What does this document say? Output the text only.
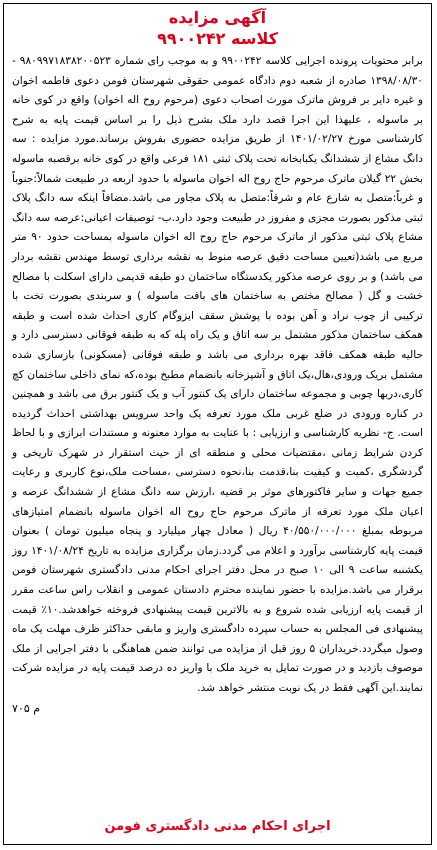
آگهی مزایده
کلاسه ۹۹۰۰۲۴۲

برابر محتویات پرونده اجرایی کلاسه ۹۹۰۰۲۴۲ و به موجب رای شماره ۹۸۰۹۹۷۱۸۳۸۲۰۰۵۲۳ - ۱۳۹۸/۰۸/۳۰ صادره از شعبه دوم دادگاه عمومی حقوقی شهرستان فومن دعوی فاطمه اخوان و غیره دایر بر فروش ماترک مورث اصحاب دعوی (مرحوم روح اله اخوان) واقع در کوی خانه بر ماسوله ، علیهذا این اجرا قصد دارد ملک بشرح ذیل را بر اساس قیمت پایه به شرح کارشناسی مورخ ۱۴۰۱/۰۲/۲۷ از طریق مزایده حضوری بفروش برساند.مورد مزایده : سه دانگ مشاع از ششدانگ یکبابخانه تحت پلاک ثبتی ۱۸۱ فرعی واقع در کوی خانه برقصبه ماسوله بخش ۲۲ گیلان ماترک مرحوم حاج روح اله اخوان ماسوله با حدود اربعه در طبیعت شمالاً:جنوباً و غرباً:متصل به شارع عام و شرقاً:متصل به پلاک مجاور می باشد.مضافاً اینکه سه دانگ پلاک ثبتی مذکور بصورت مجزی و مفروز در طبیعت وجود دارد.ب- توصیفات اعیانی:عرصه سه دانگ مشاع پلاک ثبتی مذکور از ماترک مرحوم حاج روح اله اخوان ماسوله بمساحت حدود ۹۰ متر مربع می باشد(تعیین مساحت دقیق عرصه منوط به نقشه برداری توسط مهندس نقشه بردار می باشد) و بر روی عرصه مذکور یکدستگاه ساختمان دو طبقه قدیمی دارای اسکلت با مصالح خشت و گل ( مصالح مختص به ساختمان های بافت ماسوله ) و سربندی بصورت تخت با ترکیبی از چوب نراد و آهن بوده با پوشش سقف ایزوگام کاری احداث شده است و طبقه همکف ساختمان مذکور مشتمل بر سه اتاق و یک راه پله که به طبقه فوقانی دسترسی دارد و حالیه طبقه همکف فاقد بهره برداری می باشد و طبقه فوقانی (مسکونی) بازسازی شده مشتمل بریک ورودی،هال،یک اتاق و آشپزخانه بانضمام مطبخ بوده،که نمای داخلی ساختمان کچ کاری،دربها چوبی و مجموعه ساختمان دارای یک کنتور آب و یک کنتور برق می باشد و همچنین در کناره ورودی در ضلع غربی ملک مورد تعرفه یک واحد سرویس بهداشتی احداث گردیده است. ج- نظریه کارشناسی و ارزیابی : با عنایت به موارد معنونه و مستندات ابرازی و با لحاظ کردن شرایط زمانی ،مقتضیات محلی و منطقه ای از حیث استقرار در شهرک تاریخی و گردشگری ،کمیت و کیفیت بنا،قدمت بنا،نحوه دسترسی ،مساحت ملک،نوع کاربری و رعایت جمیع جهات و سایر فاکتورهای موثر بر قضیه ،ارزش سه دانگ مشاع از ششدانگ عرصه و اعیان ملک مورد تعرفه از ماترک مرحوم حاج روح اله اخوان ماسوله بانضمام امتیازهای مربوطه بمبلغ ۴۰/۵۵۰/۰۰۰/۰۰۰ ریال ( معادل چهار میلیارد و پنجاه میلیون تومان ) بعنوان قیمت پایه کارشناسی برآورد و اعلام می گردد.زمان برگزاری مزایده به تاریخ ۱۴۰۱/۰۸/۲۴ روز یکشنبه ساعت ۹ الی ۱۰ صبح در محل دفتر اجرای احکام مدنی دادگستری شهرستان فومن برقرار می باشد.مزایده با حضور نماینده محترم دادستان عمومی و انقلاب راس ساعت مقرر از قیمت پایه ارزیابی شده شروع و به بالاترین قیمت پیشنهادی فروخته خواهدشد.۱۰٪ قیمت پیشنهادی فی المجلس به حساب سپرده دادگستری واریز و مابقی حداکثر ظرف مهلت یک ماه وصول میگردد.خریداران ۵ روز قبل از مزایده می توانند ضمن هماهنگی با دفتر اجرایی از ملک موصوف بازدید و در صورت تمایل به خرید ملک با واریز ده درصد قیمت پایه در مزایده شرکت نمایند.این آگهی فقط در یک نوبت منتشر خواهد شد.

م ۷۰۵
اجرای احکام مدنی دادگستری فومن
